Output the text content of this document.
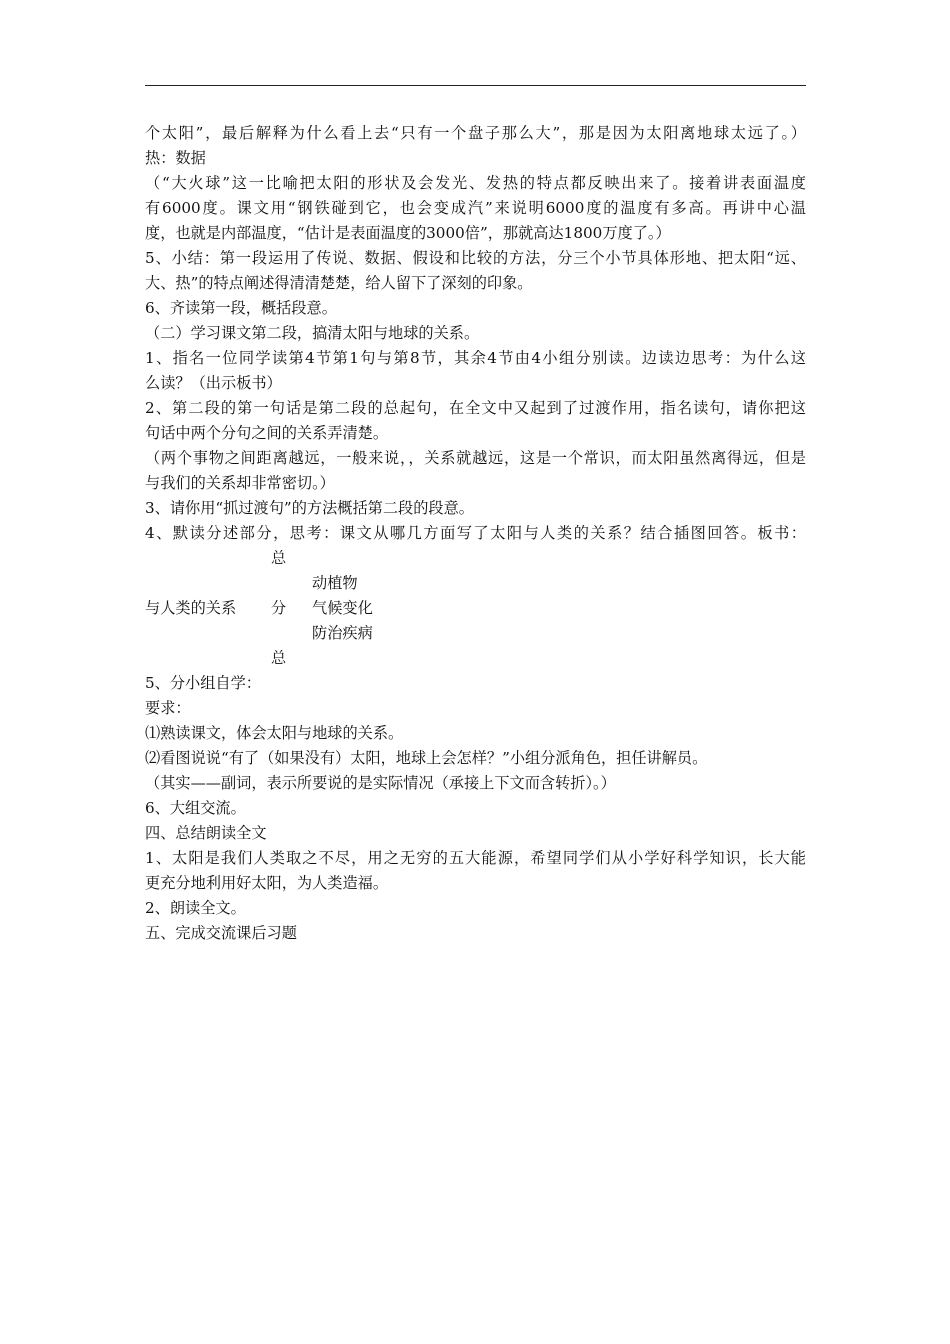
个太阳”，最后解释为什么看上去“只有一个盘子那么大”，那是因为太阳离地球太远了。）
热：数据
（“大火球”这一比喻把太阳的形状及会发光、发热的特点都反映出来了。接着讲表面温度
有6000度。课文用“钢铁碰到它，也会变成汽”来说明6000度的温度有多高。再讲中心温
度，也就是内部温度，“估计是表面温度的3000倍”，那就高达1800万度了。）
5、小结：第一段运用了传说、数据、假设和比较的方法，分三个小节具体形地、把太阳“远、
大、热”的特点阐述得清清楚楚，给人留下了深刻的印象。
6、齐读第一段，概括段意。
（二）学习课文第二段，搞清太阳与地球的关系。
1、指名一位同学读第4节第1句与第8节，其余4节由4小组分别读。边读边思考：为什么这
么读？（出示板书）
2、第二段的第一句话是第二段的总起句，在全文中又起到了过渡作用，指名读句，请你把这
句话中两个分句之间的关系弄清楚。
（两个事物之间距离越远，一般来说，，关系就越远，这是一个常识，而太阳虽然离得远，但是
与我们的关系却非常密切。）
3、请你用“抓过渡句”的方法概括第二段的段意。
4、默读分述部分，思考：课文从哪几方面写了太阳与人类的关系？结合插图回答。板书：
总
动植物
与人类的关系 分 气候变化
防治疾病
总
5、分小组自学：
要求：
⑴熟读课文，体会太阳与地球的关系。
⑵看图说说“有了（如果没有）太阳，地球上会怎样？”小组分派角色，担任讲解员。
（其实——副词，表示所要说的是实际情况（承接上下文而含转折）。）
6、大组交流。
四、总结朗读全文
1、太阳是我们人类取之不尽，用之无穷的五大能源，希望同学们从小学好科学知识，长大能
更充分地利用好太阳，为人类造福。
2、朗读全文。
五、完成交流课后习题
